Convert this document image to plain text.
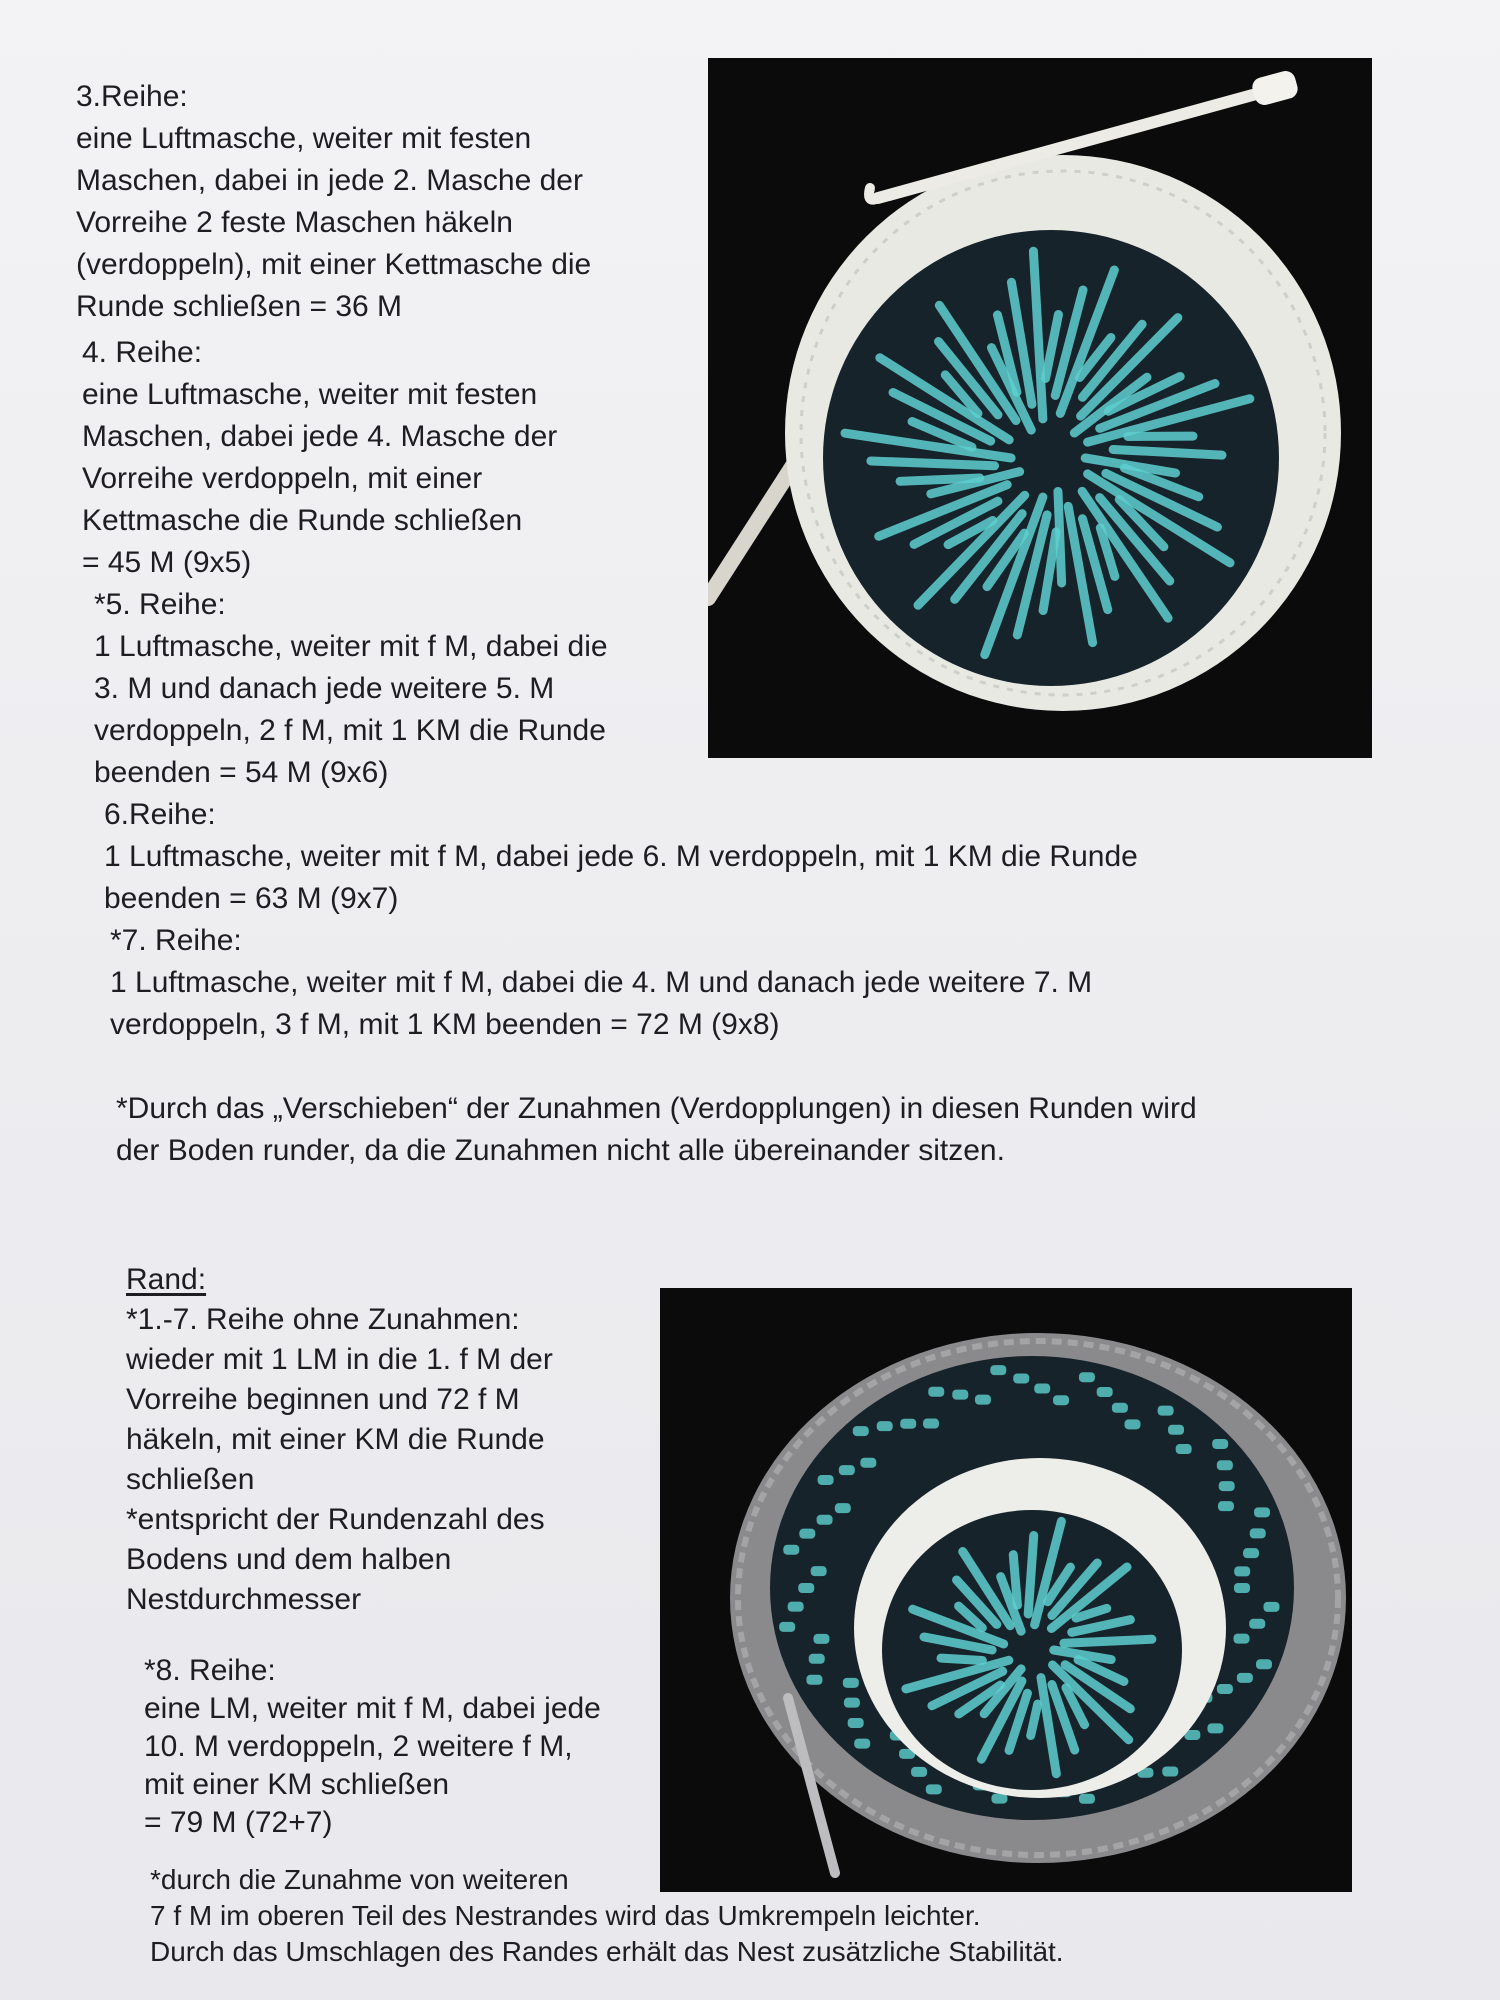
3.Reihe:
eine Luftmasche, weiter mit festen
Maschen, dabei in jede 2. Masche der
Vorreihe 2 feste Maschen häkeln
(verdoppeln), mit einer Kettmasche die
Runde schließen = 36 M
4. Reihe:
eine Luftmasche, weiter mit festen
Maschen, dabei jede 4. Masche der
Vorreihe verdoppeln, mit einer
Kettmasche die Runde schließen
= 45 M (9x5)
*5. Reihe:
1 Luftmasche, weiter mit f M, dabei die
3. M und danach jede weitere 5. M
verdoppeln, 2 f M, mit 1 KM die Runde
beenden = 54 M (9x6)
6.Reihe:
1 Luftmasche, weiter mit f M, dabei jede 6. M verdoppeln, mit 1 KM die Runde
beenden = 63 M (9x7)
*7. Reihe:
1 Luftmasche, weiter mit f M, dabei die 4. M und danach jede weitere 7. M
verdoppeln, 3 f M, mit 1 KM beenden = 72 M (9x8)
*Durch das „Verschieben“ der Zunahmen (Verdopplungen) in diesen Runden wird
der Boden runder, da die Zunahmen nicht alle übereinander sitzen.
Rand:
*1.-7. Reihe ohne Zunahmen:
wieder mit 1 LM in die 1. f M der
Vorreihe beginnen und 72 f M
häkeln, mit einer KM die Runde
schließen
*entspricht der Rundenzahl des
Bodens und dem halben
Nestdurchmesser
*8. Reihe:
eine LM, weiter mit f M, dabei jede
10. M verdoppeln, 2 weitere f M,
mit einer KM schließen
= 79 M (72+7)
*durch die Zunahme von weiteren
7 f M im oberen Teil des Nestrandes wird das Umkrempeln leichter.
Durch das Umschlagen des Randes erhält das Nest zusätzliche Stabilität.
